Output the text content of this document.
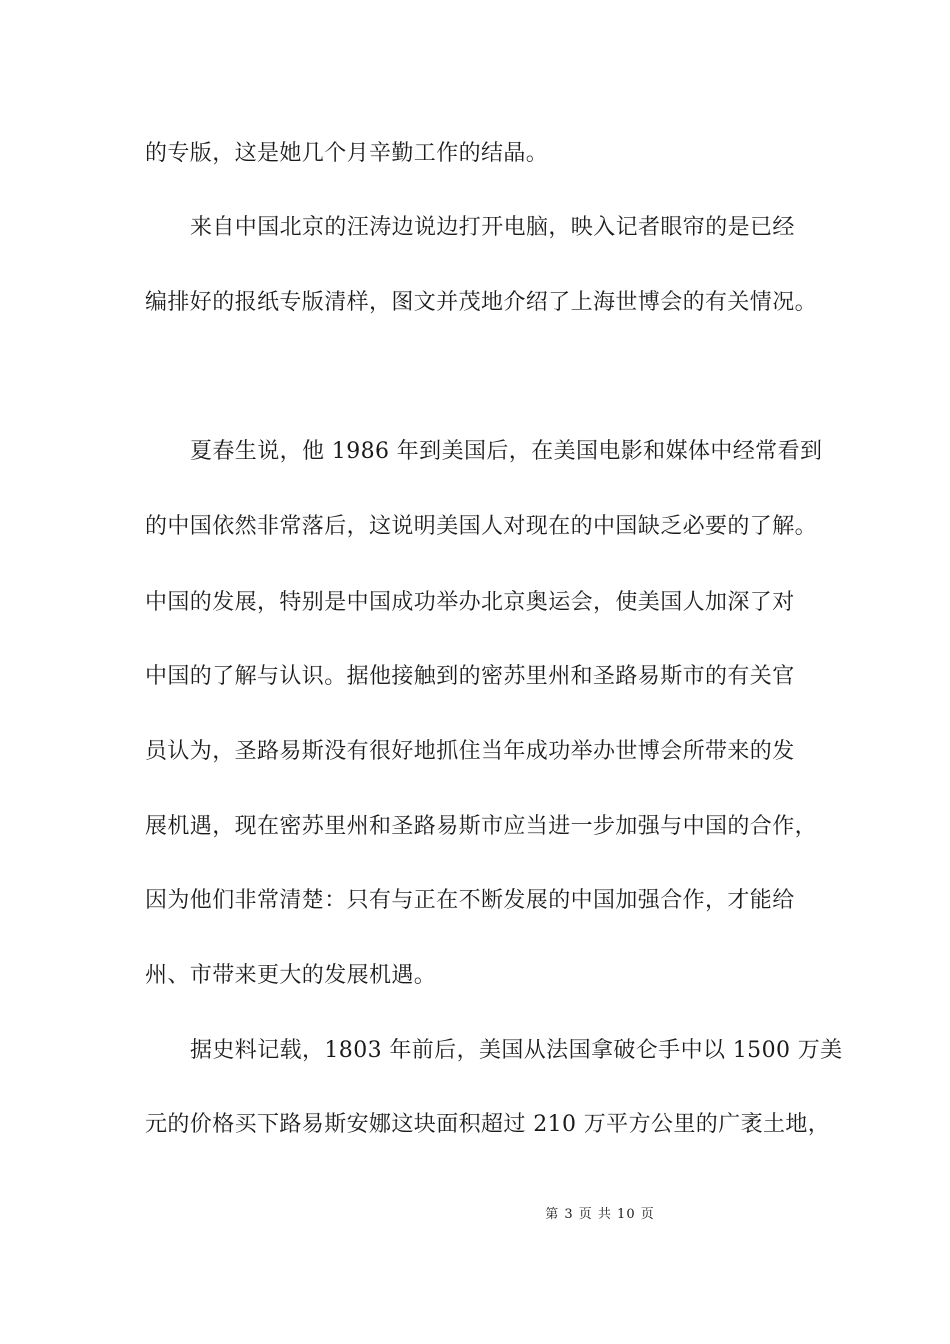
的专版，这是她几个月辛勤工作的结晶。
来自中国北京的汪涛边说边打开电脑，映入记者眼帘的是已经
编排好的报纸专版清样，图文并茂地介绍了上海世博会的有关情况。
夏春生说，他 1986 年到美国后，在美国电影和媒体中经常看到
的中国依然非常落后，这说明美国人对现在的中国缺乏必要的了解。
中国的发展，特别是中国成功举办北京奥运会，使美国人加深了对
中国的了解与认识。据他接触到的密苏里州和圣路易斯市的有关官
员认为，圣路易斯没有很好地抓住当年成功举办世博会所带来的发
展机遇，现在密苏里州和圣路易斯市应当进一步加强与中国的合作，
因为他们非常清楚：只有与正在不断发展的中国加强合作，才能给
州、市带来更大的发展机遇。
据史料记载，1803 年前后，美国从法国拿破仑手中以 1500 万美
元的价格买下路易斯安娜这块面积超过 210 万平方公里的广袤土地，
第 3 页 共 10 页
